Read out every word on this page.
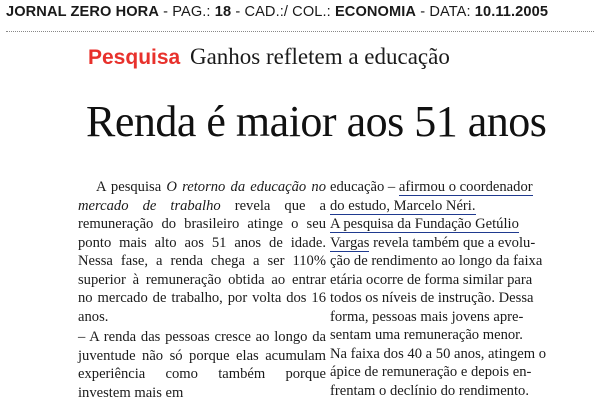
JORNAL ZERO HORA - PAG.: 18 - CAD.:/ COL.: ECONOMIA - DATA: 10.11.2005
Pesquisa Ganhos refletem a educação
Renda é maior aos 51 anos

A pesquisa O retorno da educação no mercado de trabalho revela que a remuneração do brasileiro atinge o seu ponto mais alto aos 51 anos de idade. Nessa fase, a renda chega a ser 110% superior à remuneração obtida ao entrar no mercado de trabalho, por volta dos 16 anos.

– A renda das pessoas cresce ao longo da juventude não só porque elas acumulam experiência como também porque investem mais em

educação – afirmou o coordenador
do estudo, Marcelo Néri.

A pesquisa da Fundação Getúlio
Vargas revela também que a evolu-
ção de rendimento ao longo da faixa
etária ocorre de forma similar para
todos os níveis de instrução. Dessa
forma, pessoas mais jovens apre-
sentam uma remuneração menor.
Na faixa dos 40 a 50 anos, atingem o
ápice de remuneração e depois en-
frentam o declínio do rendimento.
